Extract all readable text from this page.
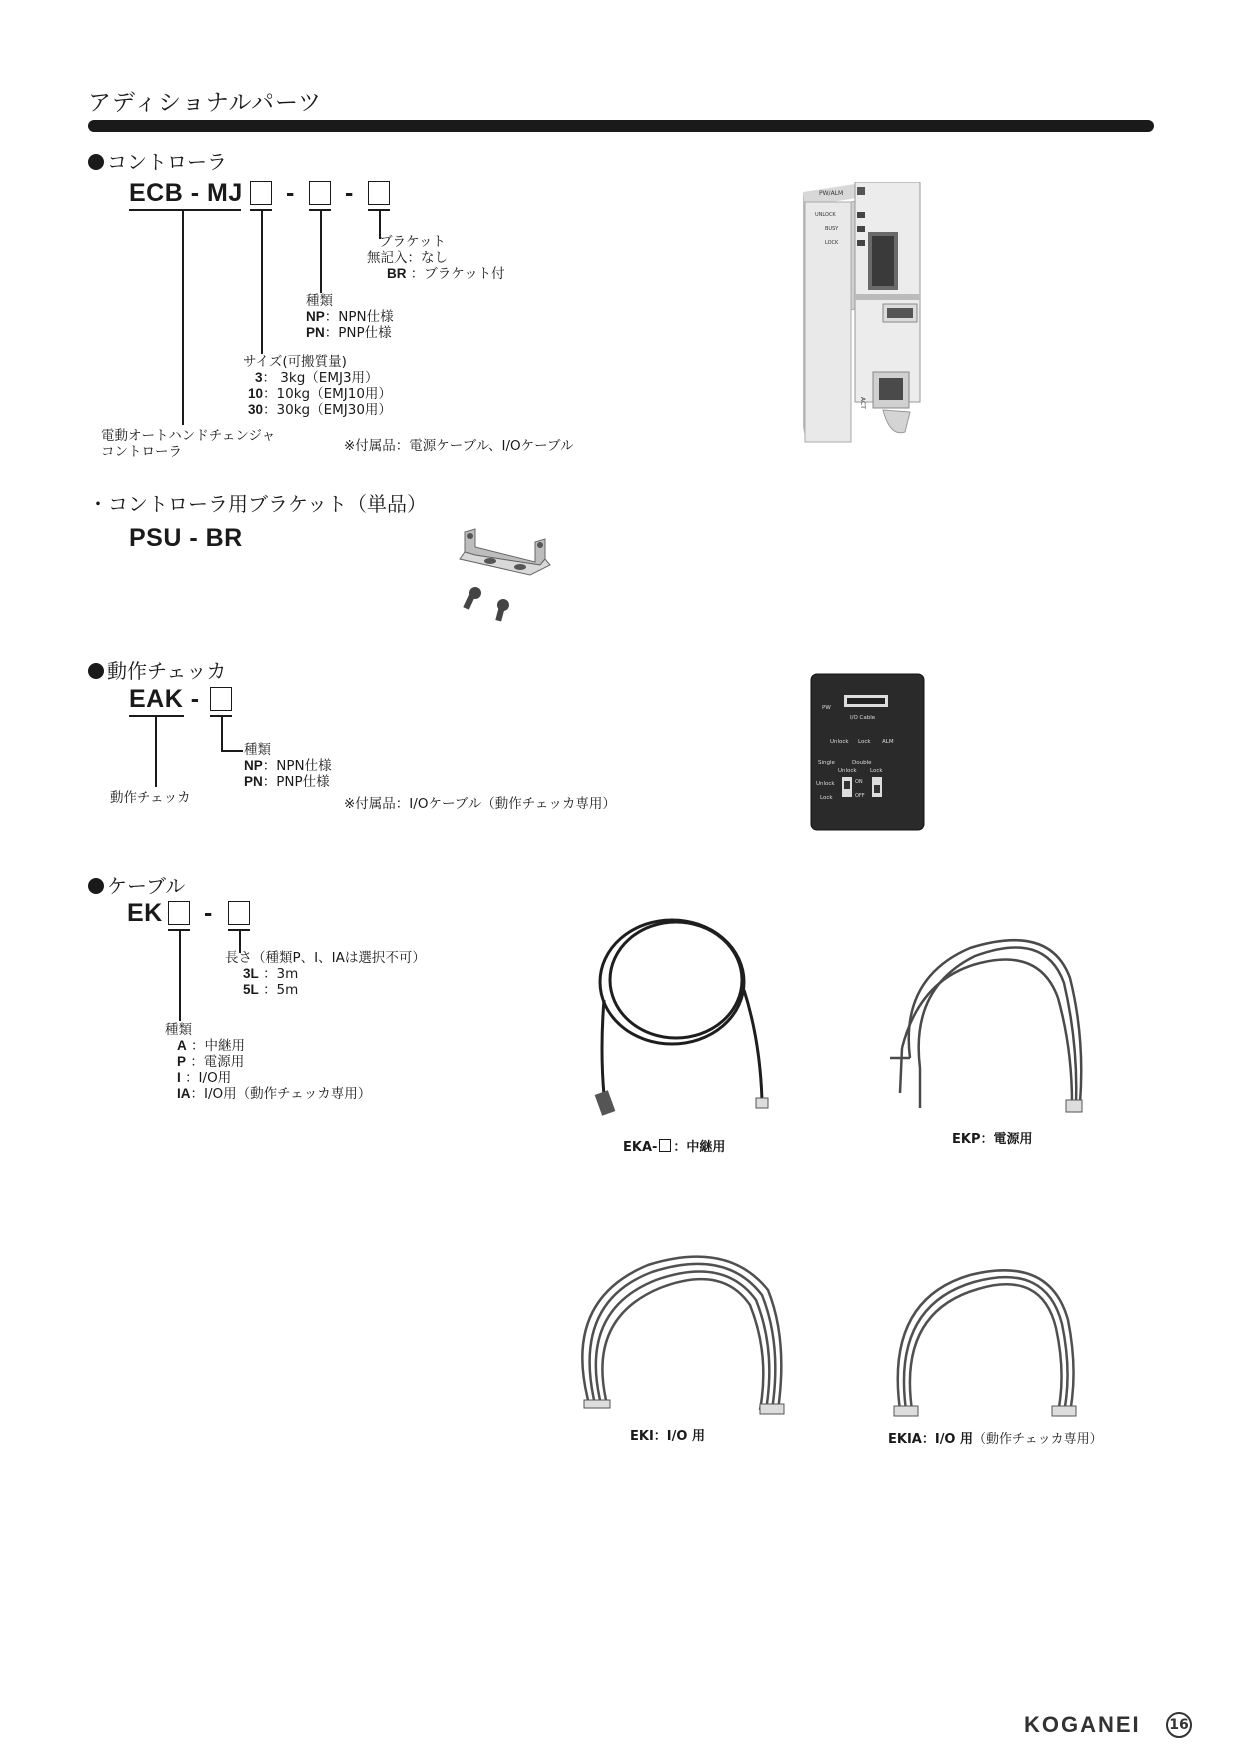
アディショナルパーツ
コントローラ
ECB - MJ - -
ブラケット
無記入：なし
BR ：ブラケット付
種類
NP：NPN仕様
PN：PNP仕様
サイズ(可搬質量)
3： 3kg（EMJ3用）
10：10kg（EMJ10用）
30：30kg（EMJ30用）
電動オートハンドチェンジャ
コントローラ	※付属品：電源ケーブル、I/Oケーブル
PW/ALM
UNLOCK
BUSY
LOCK
ACT
・コントローラ用ブラケット（単品）
PSU - BR
動作チェッカ
EAK -
種類
NP：NPN仕様
PN：PNP仕様
動作チェッカ	※付属品：I/Oケーブル（動作チェッカ専用）
PW
I/O Cable
Unlock Lock ALM
Single	Double
Unlock Lock
Unlock
Lock
ON
OFF
ケーブル
EK -
長さ（種類P、I、IAは選択不可）
3L ：3m
5L ：5m
種類
A ：中継用
P ：電源用
I ：I/O用
IA：I/O用（動作チェッカ専用）
EKA- ：中継用
EKP：電源用
EKI：I/O 用	EKIA：I/O 用（動作チェッカ専用）
KOGANEI 16
